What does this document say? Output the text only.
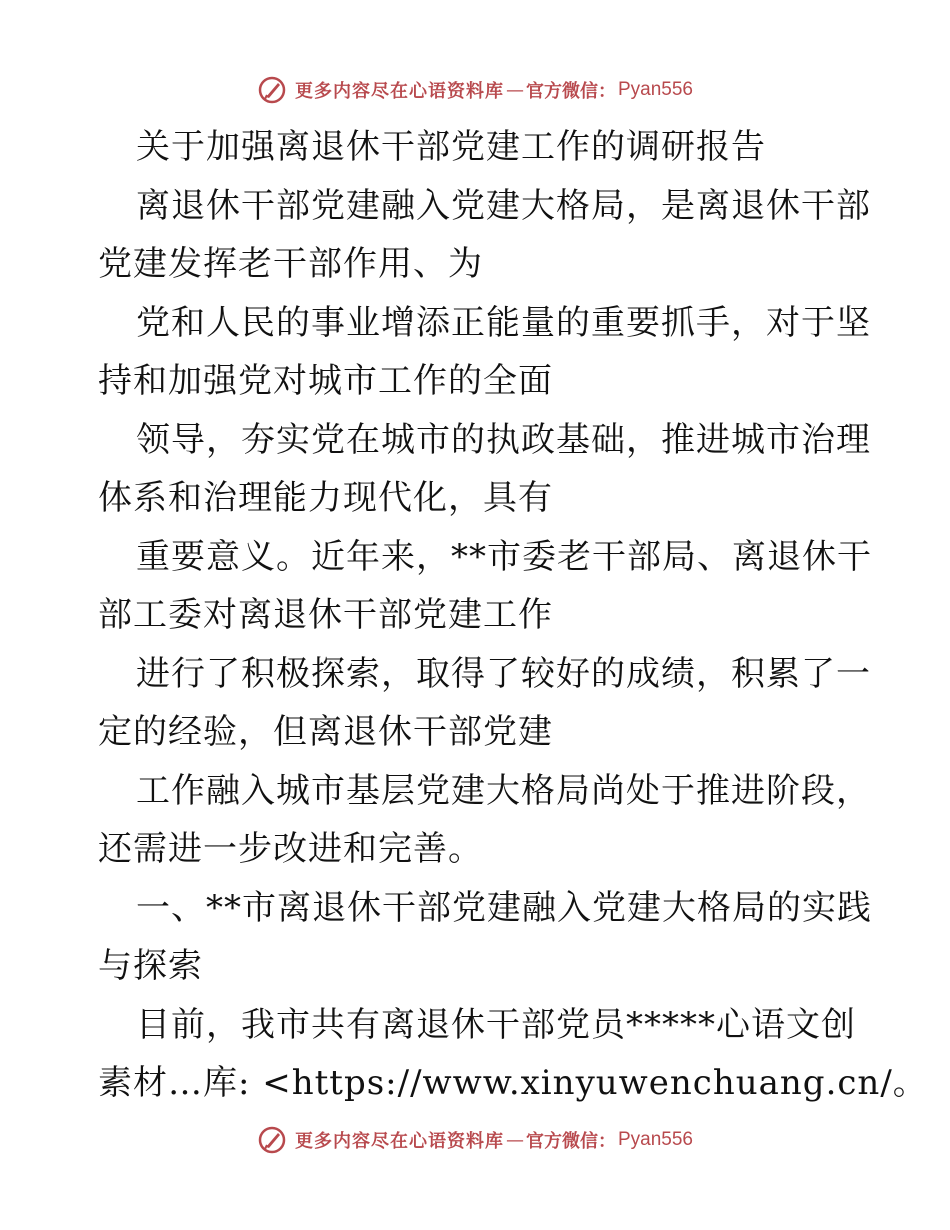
更多内容尽在心语资料库 — 官方微信： Pyan556

关于加强离退休干部党建工作的调研报告

离退休干部党建融入党建大格局，是离退休干部

党建发挥老干部作用、为

党和人民的事业增添正能量的重要抓手，对于坚

持和加强党对城市工作的全面

领导，夯实党在城市的执政基础，推进城市治理

体系和治理能力现代化，具有

重要意义。近年来，**市委老干部局、离退休干

部工委对离退休干部党建工作

进行了积极探索，取得了较好的成绩，积累了一

定的经验，但离退休干部党建

工作融入城市基层党建大格局尚处于推进阶段，

还需进一步改进和完善。

一、**市离退休干部党建融入党建大格局的实践

与探索

目前，我市共有离退休干部党员*****心语文创

素材…库: <https://www.xinyuwenchuang.cn/。

更多内容尽在心语资料库 — 官方微信： Pyan556
